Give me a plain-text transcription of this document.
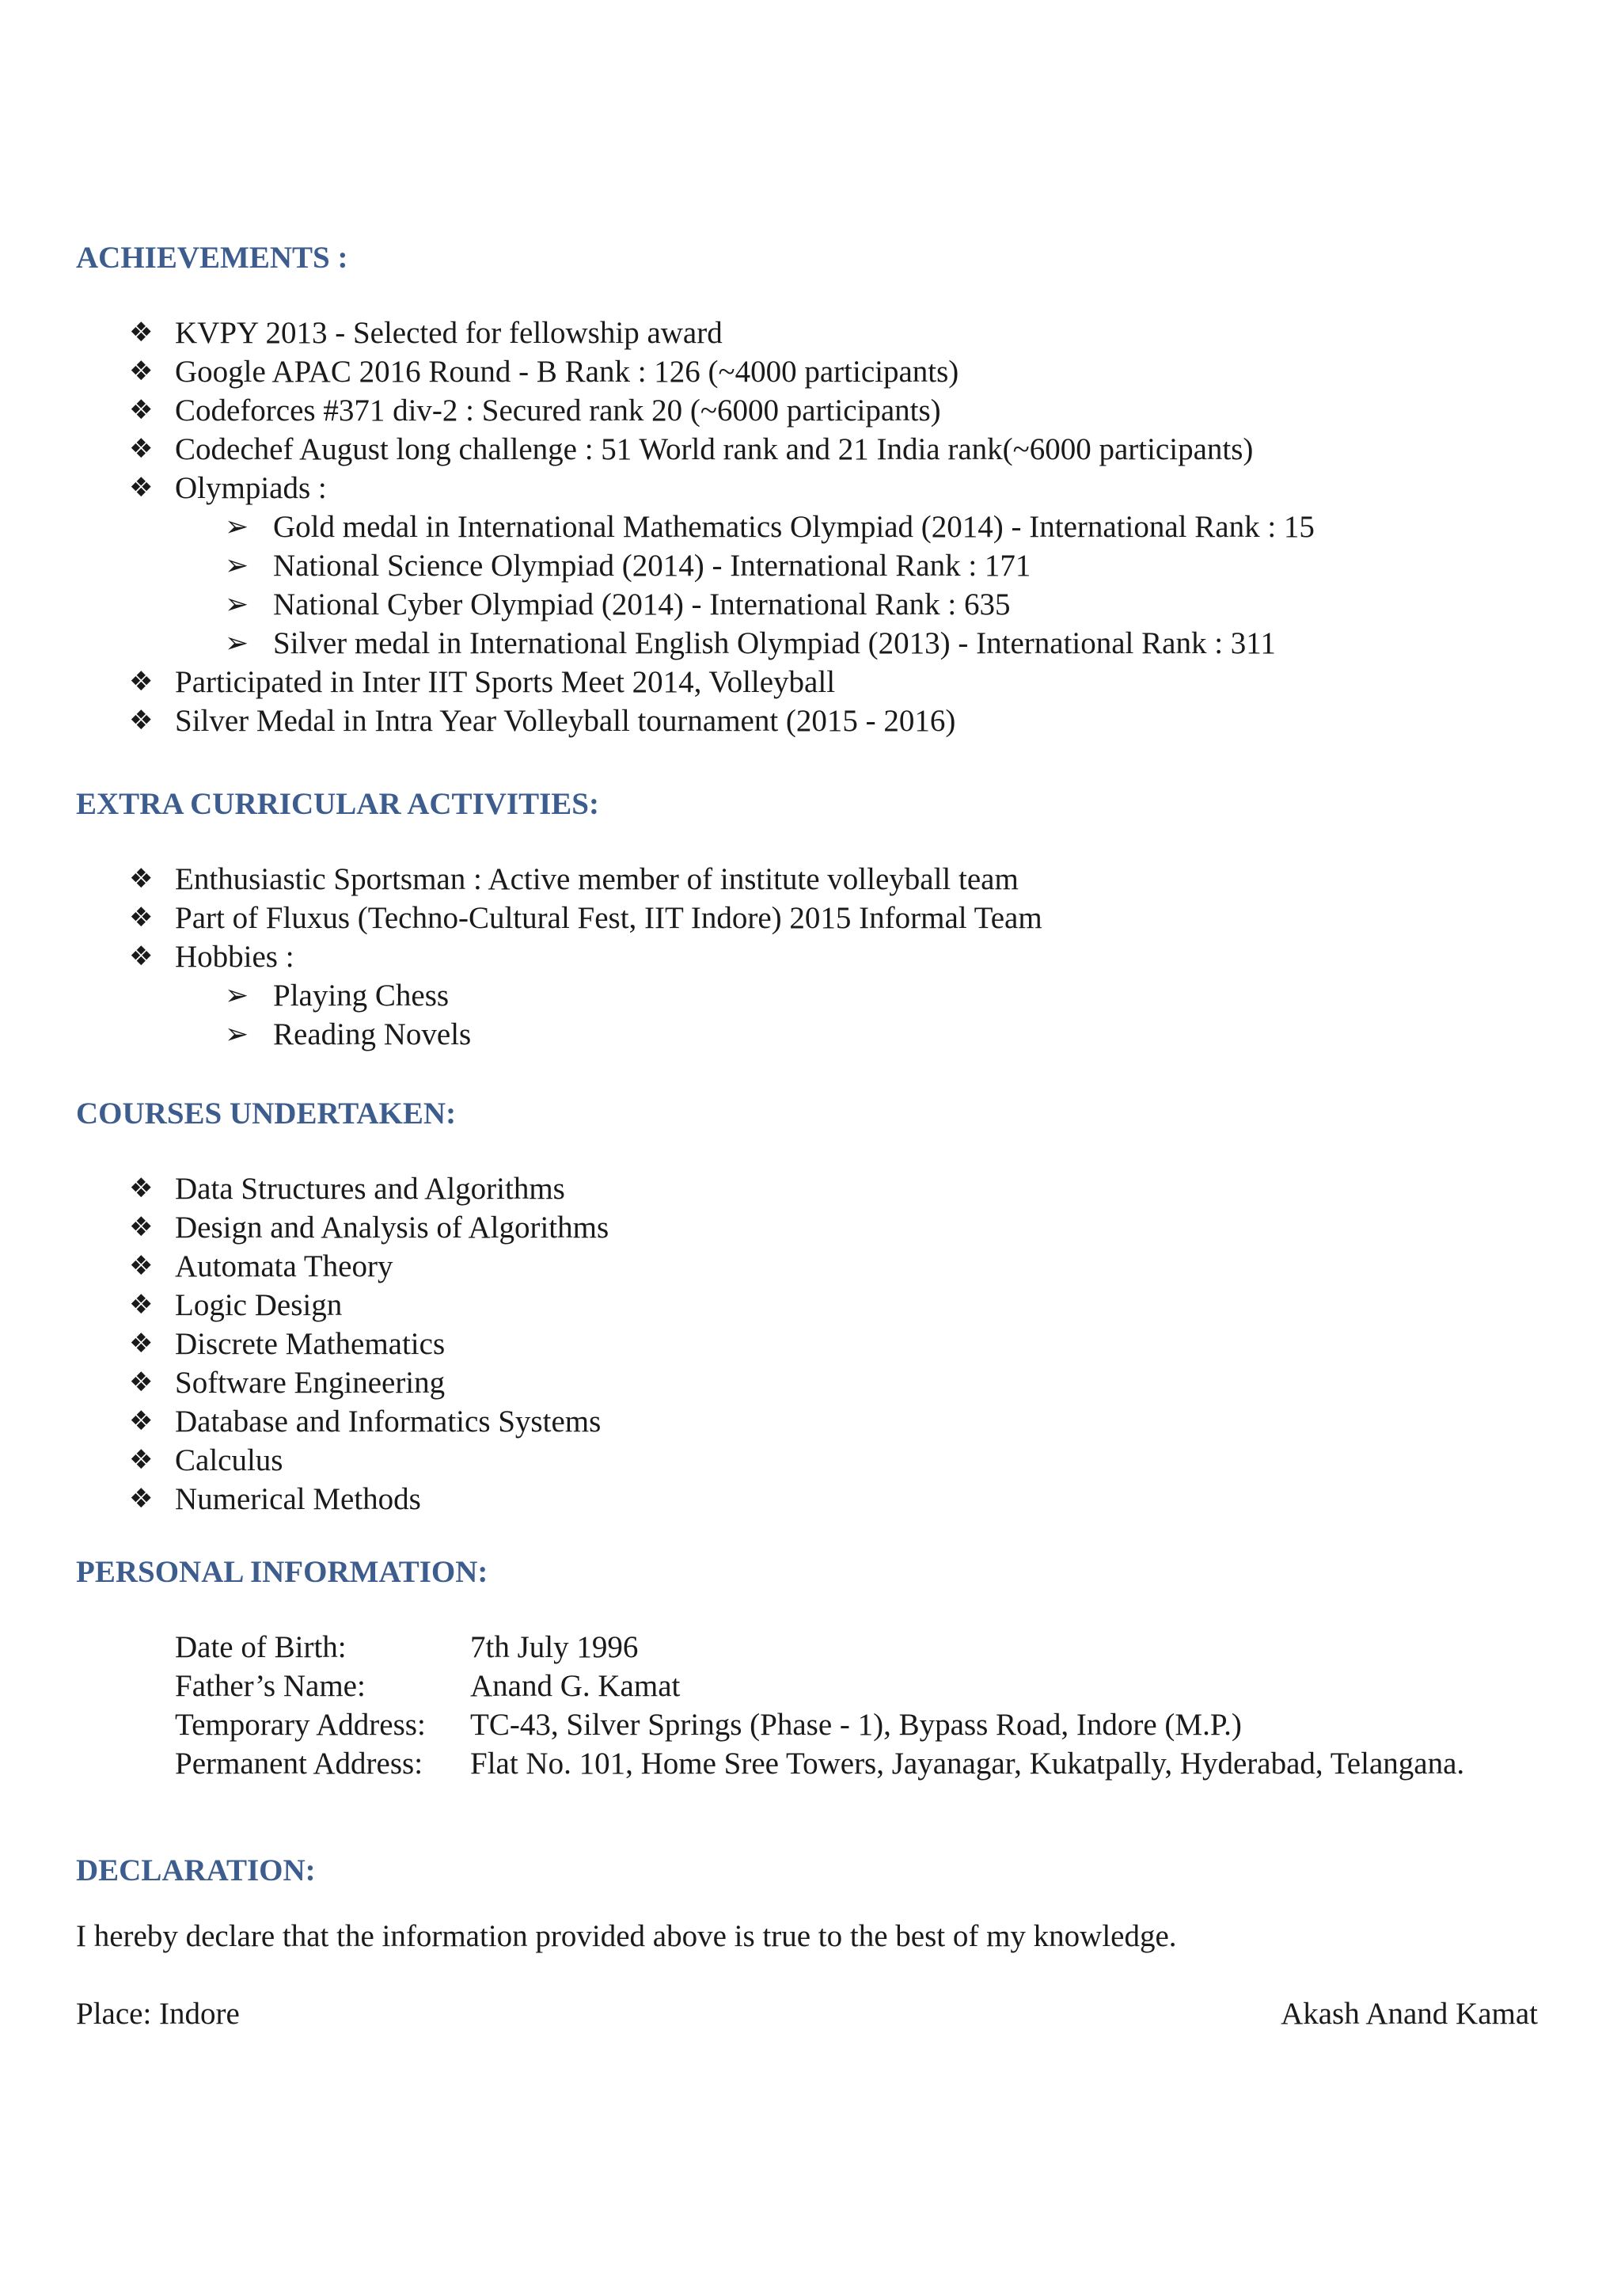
ACHIEVEMENTS :
❖ KVPY 2013 - Selected for fellowship award
❖ Google APAC 2016 Round - B Rank : 126 (~4000 participants)
❖ Codeforces #371 div-2 : Secured rank 20 (~6000 participants)
❖ Codechef August long challenge : 51 World rank and 21 India rank(~6000 participants)
❖ Olympiads :
➢ Gold medal in International Mathematics Olympiad (2014) - International Rank : 15
➢ National Science Olympiad (2014) - International Rank : 171
➢ National Cyber Olympiad (2014) - International Rank : 635
➢ Silver medal in International English Olympiad (2013) - International Rank : 311
❖ Participated in Inter IIT Sports Meet 2014, Volleyball
❖ Silver Medal in Intra Year Volleyball tournament (2015 - 2016)
EXTRA CURRICULAR ACTIVITIES:
❖ Enthusiastic Sportsman : Active member of institute volleyball team
❖ Part of Fluxus (Techno-Cultural Fest, IIT Indore) 2015 Informal Team
❖ Hobbies :
➢ Playing Chess
➢ Reading Novels
COURSES UNDERTAKEN:
❖ Data Structures and Algorithms
❖ Design and Analysis of Algorithms
❖ Automata Theory
❖ Logic Design
❖ Discrete Mathematics
❖ Software Engineering
❖ Database and Informatics Systems
❖ Calculus
❖ Numerical Methods
PERSONAL INFORMATION:
Date of Birth:	7th July 1996
Father’s Name:	Anand G. Kamat
Temporary Address: TC-43, Silver Springs (Phase - 1), Bypass Road, Indore (M.P.)
Permanent Address: Flat No. 101, Home Sree Towers, Jayanagar, Kukatpally, Hyderabad, Telangana.
DECLARATION:

I hereby declare that the information provided above is true to the best of my knowledge.

Place: Indore	Akash Anand Kamat
